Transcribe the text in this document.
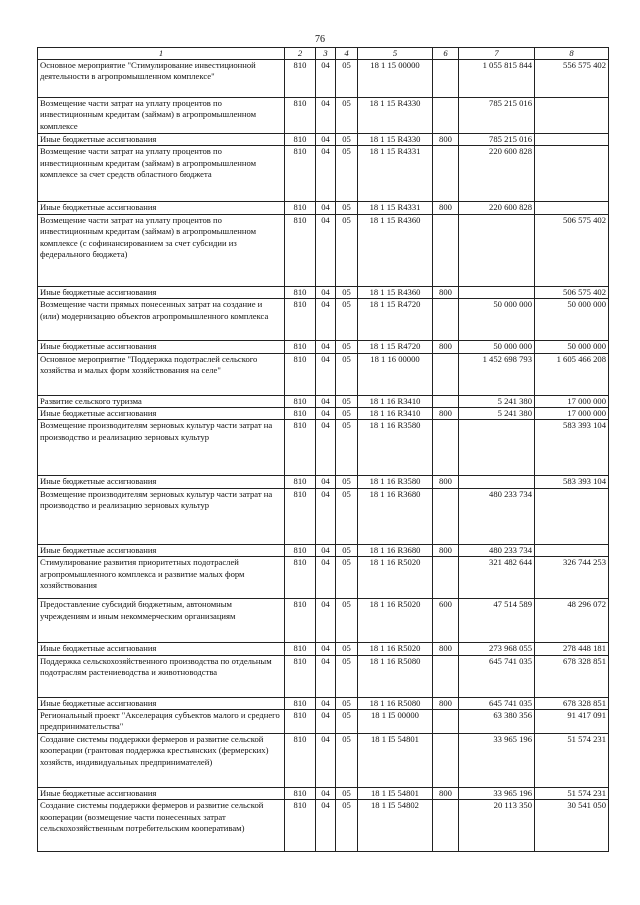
76
1	2	3	4	5	6	7	8
Основное мероприятие "Стимулирование инвестиционной деятельности в агропромышленном комплексе"	810	04	05	18 1 15 00000		1 055 815 844	556 575 402
Возмещение части затрат на уплату процентов по инвестиционным кредитам (займам) в агропромышленном комплексе	810	04	05	18 1 15 R4330		785 215 016	
Иные бюджетные ассигнования	810	04	05	18 1 15 R4330	800	785 215 016	
Возмещение части затрат на уплату процентов по инвестиционным кредитам (займам) в агропромышленном комплексе за счет средств областного бюджета	810	04	05	18 1 15 R4331		220 600 828	
Иные бюджетные ассигнования	810	04	05	18 1 15 R4331	800	220 600 828	
Возмещение части затрат на уплату процентов по инвестиционным кредитам (займам) в агропромышленном комплексе (с софинансированием за счет субсидии из федерального бюджета)	810	04	05	18 1 15 R4360			506 575 402
Иные бюджетные ассигнования	810	04	05	18 1 15 R4360	800		506 575 402
Возмещение части прямых понесенных затрат на создание и (или) модернизацию объектов агропромышленного комплекса	810	04	05	18 1 15 R4720		50 000 000	50 000 000
Иные бюджетные ассигнования	810	04	05	18 1 15 R4720	800	50 000 000	50 000 000
Основное мероприятие "Поддержка подотраслей сельского хозяйства и малых форм хозяйствования на селе"	810	04	05	18 1 16 00000		1 452 698 793	1 605 466 208
Развитие сельского туризма	810	04	05	18 1 16 R3410		5 241 380	17 000 000
Иные бюджетные ассигнования	810	04	05	18 1 16 R3410	800	5 241 380	17 000 000
Возмещение производителям зерновых культур части затрат на производство и реализацию зерновых культур	810	04	05	18 1 16 R3580			583 393 104
Иные бюджетные ассигнования	810	04	05	18 1 16 R3580	800		583 393 104
Возмещение производителям зерновых культур части затрат на производство и реализацию зерновых культур	810	04	05	18 1 16 R3680		480 233 734	
Иные бюджетные ассигнования	810	04	05	18 1 16 R3680	800	480 233 734	
Стимулирование развития приоритетных подотраслей агропромышленного комплекса и развитие малых форм хозяйствования	810	04	05	18 1 16 R5020		321 482 644	326 744 253
Предоставление субсидий бюджетным, автономным учреждениям и иным некоммерческим организациям	810	04	05	18 1 16 R5020	600	47 514 589	48 296 072
Иные бюджетные ассигнования	810	04	05	18 1 16 R5020	800	273 968 055	278 448 181
Поддержка сельскохозяйственного производства по отдельным подотраслям растениеводства и животноводства	810	04	05	18 1 16 R5080		645 741 035	678 328 851
Иные бюджетные ассигнования	810	04	05	18 1 16 R5080	800	645 741 035	678 328 851
Региональный проект "Акселерация субъектов малого и среднего предпринимательства"	810	04	05	18 1 I5 00000		63 380 356	91 417 091
Создание системы поддержки фермеров и развитие сельской кооперации (грантовая поддержка крестьянских (фермерских) хозяйств, индивидуальных предпринимателей)	810	04	05	18 1 I5 54801		33 965 196	51 574 231
Иные бюджетные ассигнования	810	04	05	18 1 I5 54801	800	33 965 196	51 574 231
Создание системы поддержки фермеров и развитие сельской кооперации (возмещение части понесенных затрат сельскохозяйственным потребительским кооперативам)	810	04	05	18 1 I5 54802		20 113 350	30 541 050
